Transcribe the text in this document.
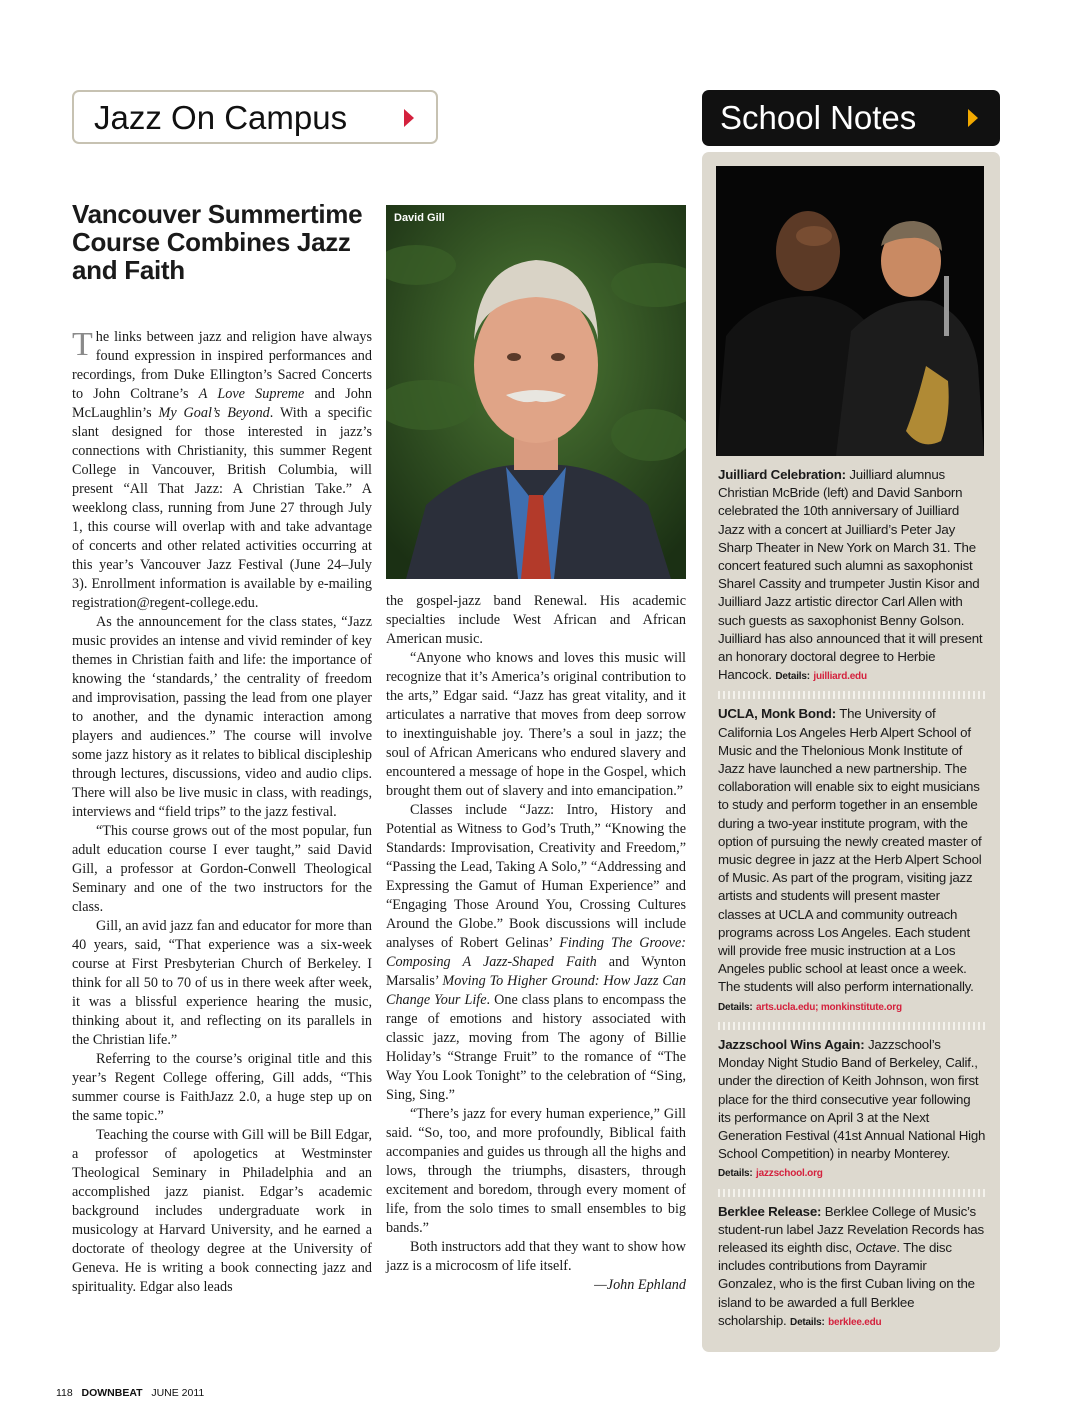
Jazz On Campus	School Notes
Vancouver Summertime Course Combines Jazz and Faith

The links between jazz and religion have always found expression in inspired performances and recordings, from Duke Ellington’s Sacred Concerts to John Coltrane’s A Love Supreme and John McLaughlin’s My Goal’s Beyond. With a specific slant designed for those interested in jazz’s connections with Christianity, this summer Regent College in Vancouver, British Columbia, will present “All That Jazz: A Christian Take.” A weeklong class, running from June 27 through July 1, this course will overlap with and take advantage of concerts and other related activities occurring at this year’s Vancouver Jazz Festival (June 24–July 3). Enrollment information is available by e-mailing registration@regent-college.edu.

As the announcement for the class states, “Jazz music provides an intense and vivid reminder of key themes in Christian faith and life: the importance of knowing the ‘standards,’ the centrality of freedom and improvisation, passing the lead from one player to another, and the dynamic interaction among players and audiences.” The course will involve some jazz history as it relates to biblical discipleship through lectures, discussions, video and audio clips. There will also be live music in class, with readings, interviews and “field trips” to the jazz festival.

“This course grows out of the most popular, fun adult education course I ever taught,” said David Gill, a professor at Gordon-Conwell Theological Seminary and one of the two instructors for the class.

Gill, an avid jazz fan and educator for more than 40 years, said, “That experience was a six-week course at First Presbyterian Church of Berkeley. I think for all 50 to 70 of us in there week after week, it was a blissful experience hearing the music, thinking about it, and reflecting on its parallels in the Christian life.”

Referring to the course’s original title and this year’s Regent College offering, Gill adds, “This summer course is FaithJazz 2.0, a huge step up on the same topic.”

Teaching the course with Gill will be Bill Edgar, a professor of apologetics at Westminster Theological Seminary in Philadelphia and an accomplished jazz pianist. Edgar’s academic background includes undergraduate work in musicology at Harvard University, and he earned a doctorate of theology degree at the University of Geneva. He is writing a book connecting jazz and spirituality. Edgar also leads

David Gill

the gospel-jazz band Renewal. His academic specialties include West African and African American music.

“Anyone who knows and loves this music will recognize that it’s America’s original contribution to the arts,” Edgar said. “Jazz has great vitality, and it articulates a narrative that moves from deep sorrow to inextinguishable joy. There’s a soul in jazz; the soul of African Americans who endured slavery and encountered a message of hope in the Gospel, which brought them out of slavery and into emancipation.”

Classes include “Jazz: Intro, History and Potential as Witness to God’s Truth,” “Knowing the Standards: Improvisation, Creativity and Freedom,” “Passing the Lead, Taking A Solo,” “Addressing and Expressing the Gamut of Human Experience” and “Engaging Those Around You, Crossing Cultures Around the Globe.” Book discussions will include analyses of Robert Gelinas’ Finding The Groove: Composing A Jazz-Shaped Faith and Wynton Marsalis’ Moving To Higher Ground: How Jazz Can Change Your Life. One class plans to encompass the range of emotions and history associated with classic jazz, moving from The agony of Billie Holiday’s “Strange Fruit” to the romance of “The Way You Look Tonight” to the celebration of “Sing, Sing, Sing.”

“There’s jazz for every human experience,” Gill said. “So, too, and more profoundly, Biblical faith accompanies and guides us through all the highs and lows, through the triumphs, disasters, through excitement and boredom, through every moment of life, from the solo times to small ensembles to big bands.”

Both instructors add that they want to show how jazz is a microcosm of life itself.

—John Ephland

Juilliard Celebration: Juilliard alumnus Christian McBride (left) and David Sanborn celebrated the 10th anniversary of Juilliard Jazz with a concert at Juilliard’s Peter Jay Sharp Theater in New York on March 31. The concert featured such alumni as saxophonist Sharel Cassity and trumpeter Justin Kisor and Juilliard Jazz artistic director Carl Allen with such guests as saxophonist Benny Golson. Juilliard has also announced that it will present an honorary doctoral degree to Herbie Hancock. Details: juilliard.edu

UCLA, Monk Bond: The University of California Los Angeles Herb Alpert School of Music and the Thelonious Monk Institute of Jazz have launched a new partnership. The collaboration will enable six to eight musicians to study and perform together in an ensemble during a two-year institute program, with the option of pursuing the newly created master of music degree in jazz at the Herb Alpert School of Music. As part of the program, visiting jazz artists and students will present master classes at UCLA and community outreach programs across Los Angeles. Each student will provide free music instruction at a Los Angeles public school at least once a week. The students will also perform internationally.
Details: arts.ucla.edu; monkinstitute.org

Jazzschool Wins Again: Jazzschool’s Monday Night Studio Band of Berkeley, Calif., under the direction of Keith Johnson, won first place for the third consecutive year following its performance on April 3 at the Next Generation Festival (41st Annual National High School Competition) in nearby Monterey. Details: jazzschool.org

Berklee Release: Berklee College of Music’s student-run label Jazz Revelation Records has released its eighth disc, Octave. The disc includes contributions from Dayramir Gonzalez, who is the first Cuban living on the island to be awarded a full Berklee scholarship. Details: berklee.edu

118 DOWNBEAT JUNE 2011
